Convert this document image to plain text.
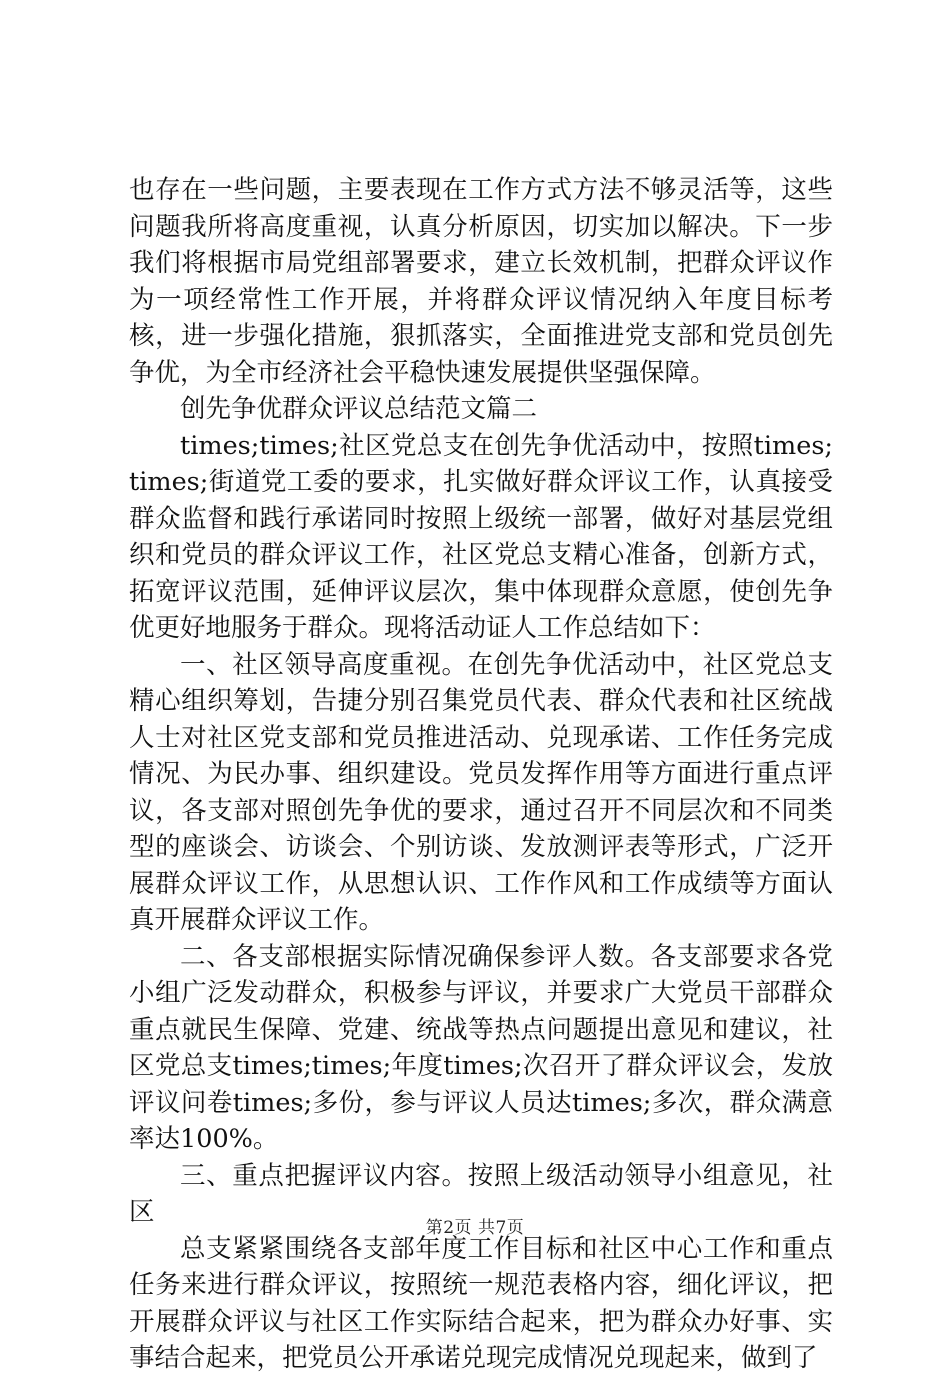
也存在一些问题，主要表现在工作方式方法不够灵活等，这些问题我所将高度重视，认真分析原因，切实加以解决。下一步我们将根据市局党组部署要求，建立长效机制，把群众评议作为一项经常性工作开展，并将群众评议情况纳入年度目标考核，进一步强化措施，狠抓落实，全面推进党支部和党员创先争优，为全市经济社会平稳快速发展提供坚强保障。

创先争优群众评议总结范文篇二

times;times;社区党总支在创先争优活动中，按照times;times;街道党工委的要求，扎实做好群众评议工作，认真接受群众监督和践行承诺同时按照上级统一部署，做好对基层党组织和党员的群众评议工作，社区党总支精心准备，创新方式，拓宽评议范围，延伸评议层次，集中体现群众意愿，使创先争优更好地服务于群众。现将活动证人工作总结如下：

一、社区领导高度重视。在创先争优活动中，社区党总支精心组织筹划，告捷分别召集党员代表、群众代表和社区统战人士对社区党支部和党员推进活动、兑现承诺、工作任务完成情况、为民办事、组织建设。党员发挥作用等方面进行重点评议，各支部对照创先争优的要求，通过召开不同层次和不同类型的座谈会、访谈会、个别访谈、发放测评表等形式，广泛开展群众评议工作，从思想认识、工作作风和工作成绩等方面认真开展群众评议工作。

二、各支部根据实际情况确保参评人数。各支部要求各党小组广泛发动群众，积极参与评议，并要求广大党员干部群众重点就民生保障、党建、统战等热点问题提出意见和建议，社区党总支times;times;年度times;次召开了群众评议会，发放评议问卷times;多份，参与评议人员达times;多次，群众满意率达100%。

三、重点把握评议内容。按照上级活动领导小组意见，社区

总支紧紧围绕各支部年度工作目标和社区中心工作和重点任务来进行群众评议，按照统一规范表格内容，细化评议，把开展群众评议与社区工作实际结合起来，把为群众办好事、实事结合起来，把党员公开承诺兑现完成情况兑现起来，做到了

第2页 共7页
